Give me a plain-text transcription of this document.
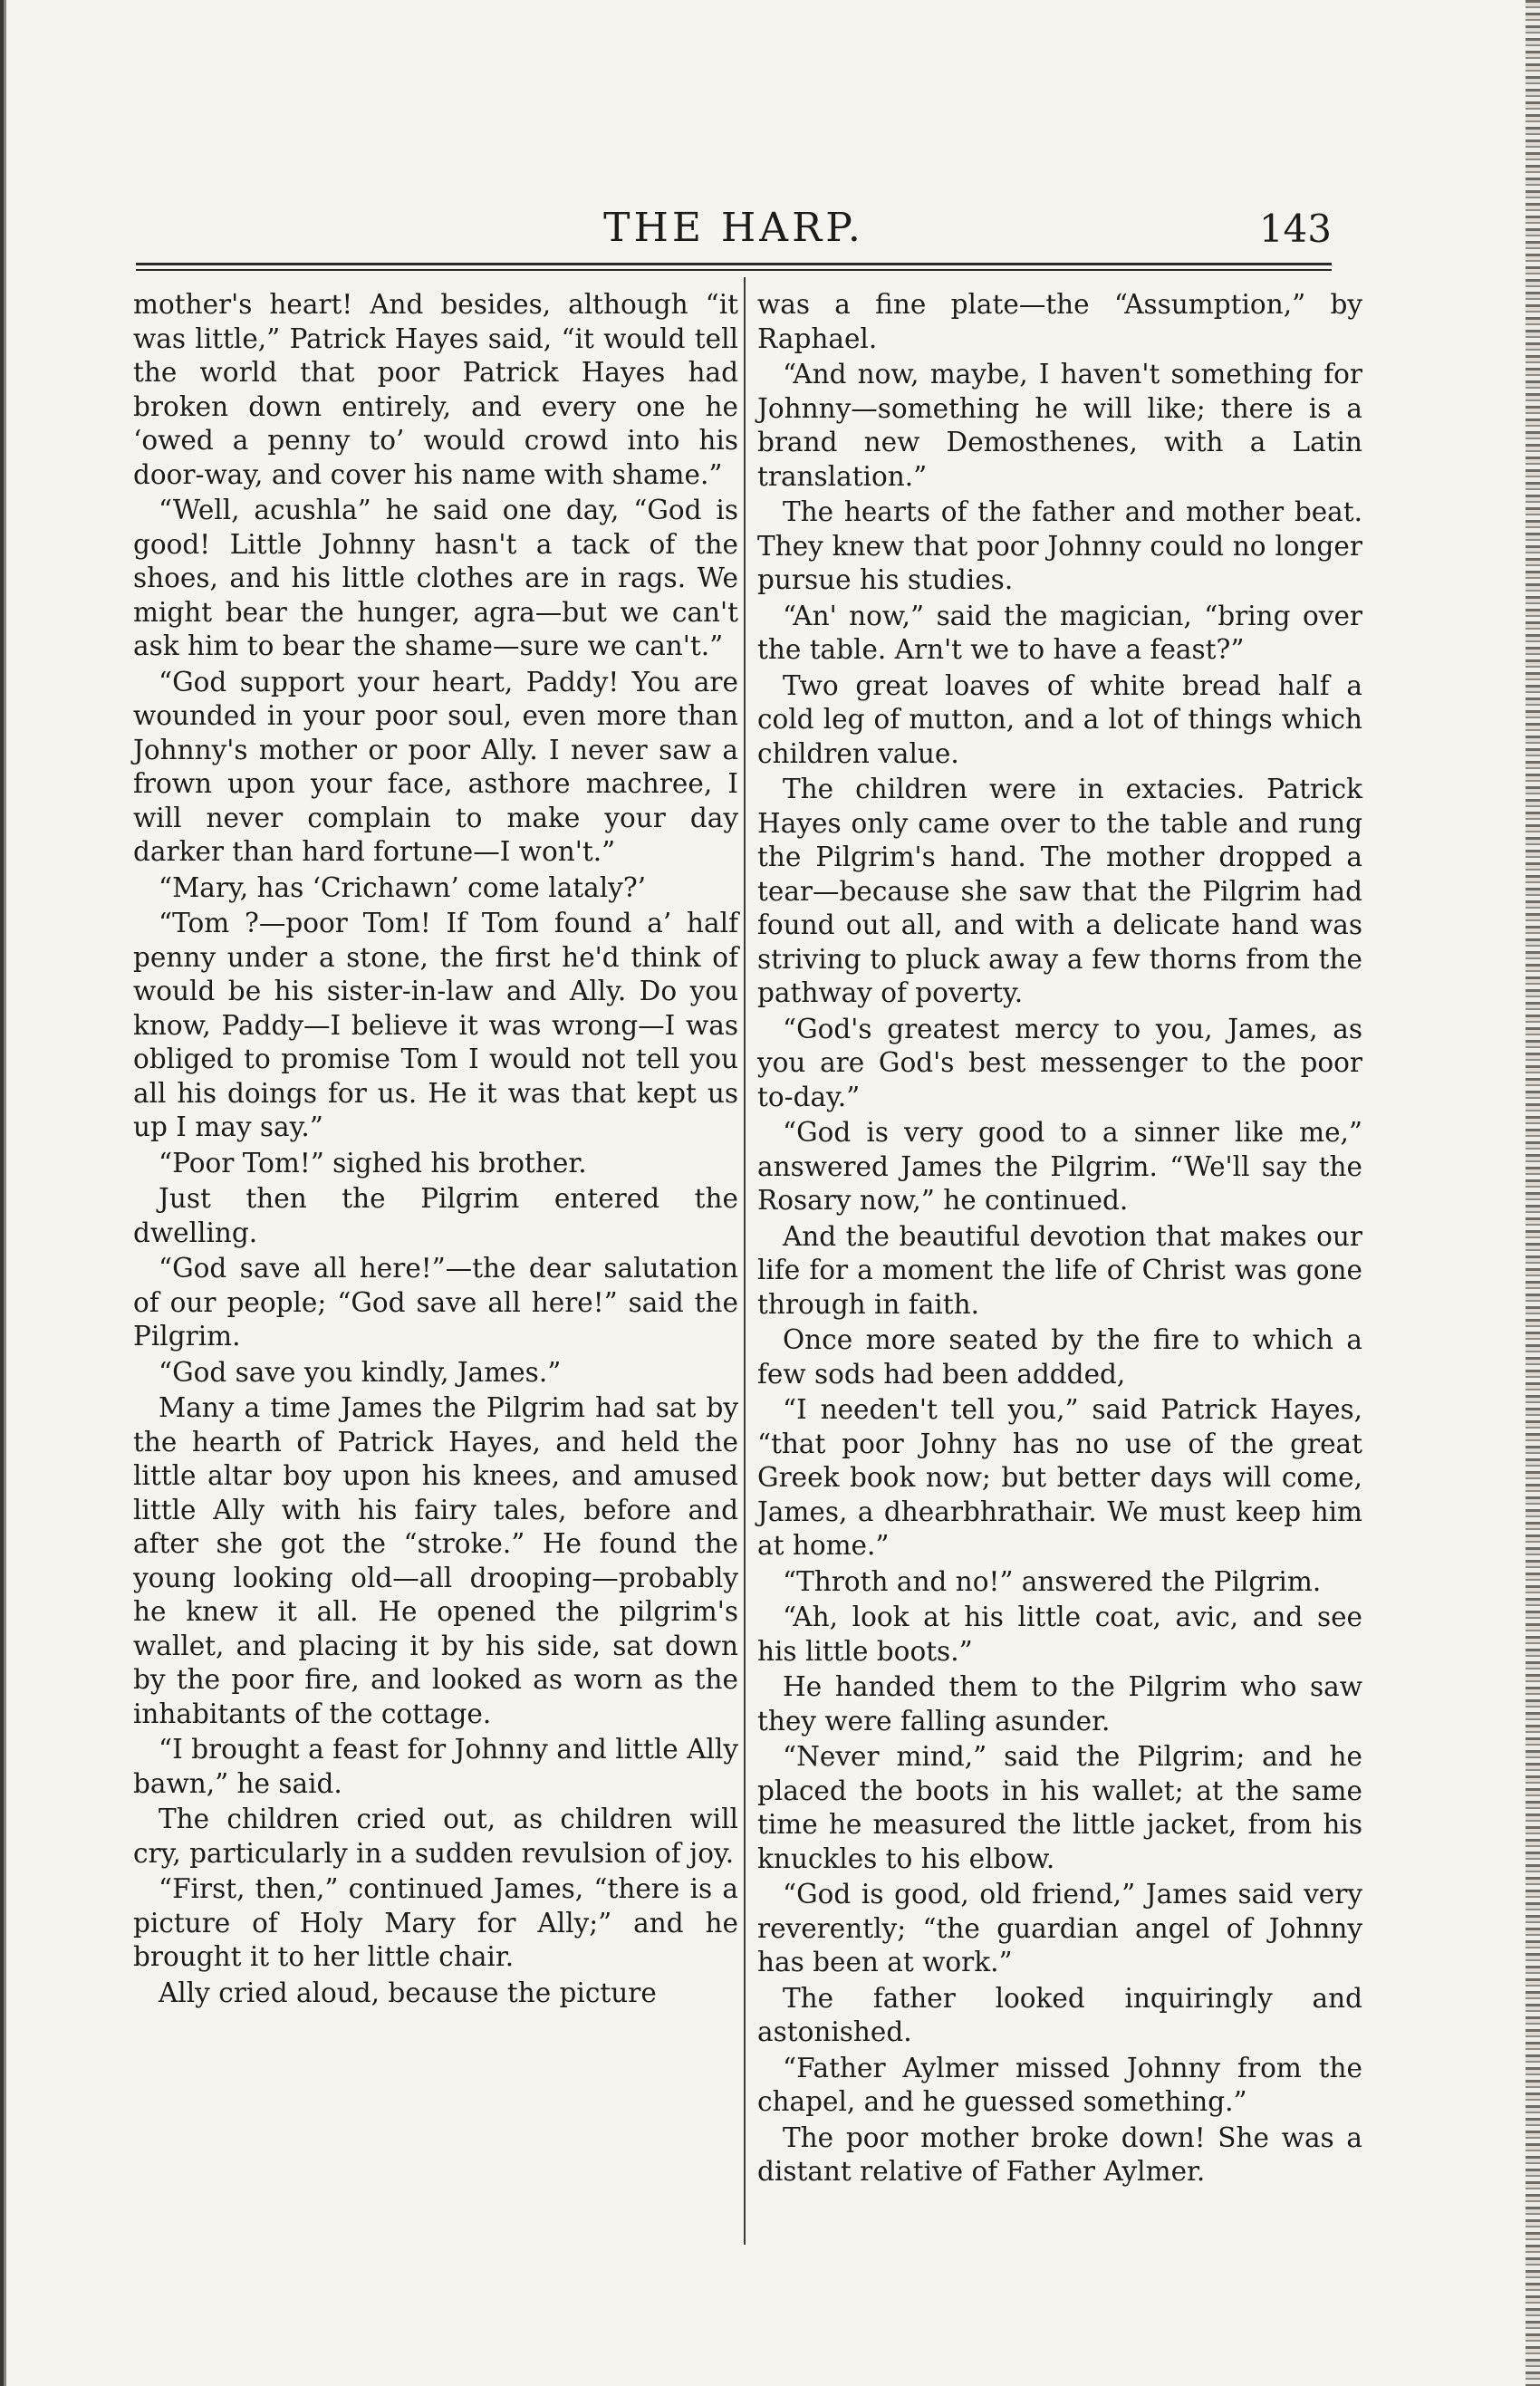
THE HARP.	143

mother's heart! And besides, although “it was little,” Patrick Hayes said, “it would tell the world that poor Patrick Hayes had broken down entirely, and every one he ‘owed a penny to’ would crowd into his door-way, and cover his name with shame.”

“Well, acushla” he said one day, “God is good! Little Johnny hasn't a tack of the shoes, and his little clothes are in rags. We might bear the hunger, agra—but we can't ask him to bear the shame—sure we can't.”

“God support your heart, Paddy! You are wounded in your poor soul, even more than Johnny's mother or poor Ally. I never saw a frown upon your face, asthore machree, I will never complain to make your day darker than hard fortune—I won't.”

“Mary, has ‘Crichawn’ come lataly?’

“Tom ?—poor Tom! If Tom found a’ half penny under a stone, the first he'd think of would be his sister-in-law and Ally. Do you know, Paddy—I believe it was wrong—I was obliged to promise Tom I would not tell you all his doings for us. He it was that kept us up I may say.”

“Poor Tom!” sighed his brother.

Just then the Pilgrim entered the dwelling.

“God save all here!”—the dear salutation of our people; “God save all here!” said the Pilgrim.

“God save you kindly, James.”

Many a time James the Pilgrim had sat by the hearth of Patrick Hayes, and held the little altar boy upon his knees, and amused little Ally with his fairy tales, before and after she got the “stroke.” He found the young looking old—all drooping—probably he knew it all. He opened the pilgrim's wallet, and placing it by his side, sat down by the poor fire, and looked as worn as the inhabitants of the cottage.

“I brought a feast for Johnny and little Ally bawn,” he said.

The children cried out, as children will cry, particularly in a sudden revulsion of joy.

“First, then,” continued James, “there is a picture of Holy Mary for Ally;” and he brought it to her little chair.

Ally cried aloud, because the picture

was a fine plate—the “Assumption,” by Raphael.

“And now, maybe, I haven't something for Johnny—something he will like; there is a brand new Demosthenes, with a Latin translation.”

The hearts of the father and mother beat. They knew that poor Johnny could no longer pursue his studies.

“An' now,” said the magician, “bring over the table. Arn't we to have a feast?”

Two great loaves of white bread half a cold leg of mutton, and a lot of things which children value.

The children were in extacies. Patrick Hayes only came over to the table and rung the Pilgrim's hand. The mother dropped a tear—because she saw that the Pilgrim had found out all, and with a delicate hand was striving to pluck away a few thorns from the pathway of poverty.

“God's greatest mercy to you, James, as you are God's best messenger to the poor to-day.”

“God is very good to a sinner like me,” answered James the Pilgrim. “We'll say the Rosary now,” he continued.

And the beautiful devotion that makes our life for a moment the life of Christ was gone through in faith.

Once more seated by the fire to which a few sods had been addded,

“I needen't tell you,” said Patrick Hayes, “that poor Johny has no use of the great Greek book now; but better days will come, James, a dhearbhrathair. We must keep him at home.”

“Throth and no!” answered the Pilgrim.

“Ah, look at his little coat, avic, and see his little boots.”

He handed them to the Pilgrim who saw they were falling asunder.

“Never mind,” said the Pilgrim; and he placed the boots in his wallet; at the same time he measured the little jacket, from his knuckles to his elbow.

“God is good, old friend,” James said very reverently; “the guardian angel of Johnny has been at work.”

The father looked inquiringly and astonished.

“Father Aylmer missed Johnny from the chapel, and he guessed something.”

The poor mother broke down! She was a distant relative of Father Aylmer.
